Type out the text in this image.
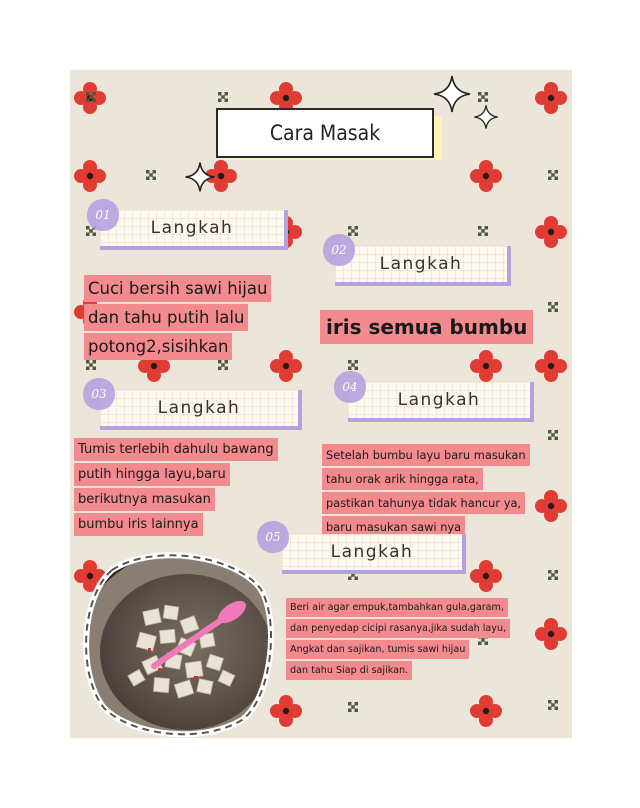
Cara Masak
Langkah
01
Cuci bersih sawi hijau
dan tahu putih lalu
potong2,sisihkan
Langkah
02
iris semua bumbu
Langkah
03
Tumis terlebih dahulu bawang
putih hingga layu,baru
berikutnya masukan
bumbu iris lainnya
Langkah
04
Setelah bumbu layu baru masukan
tahu orak arik hingga rata,
pastikan tahunya tidak hancur ya,
baru masukan sawi nya
Langkah
05
Beri air agar empuk,tambahkan gula,garam,
dan penyedap cicipi rasanya,jika sudah layu,
Angkat dan sajikan, tumis sawi hijau
dan tahu Siap di sajikan.
